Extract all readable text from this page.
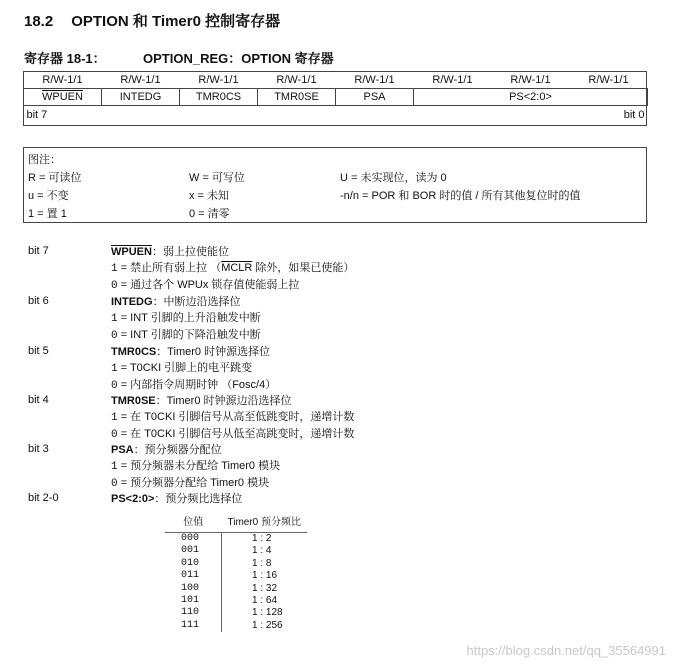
18.2 OPTION 和 Timer0 控制寄存器
寄存器 18-1：	OPTION_REG：OPTION 寄存器
R/W-1/1	R/W-1/1	R/W-1/1	R/W-1/1	R/W-1/1	R/W-1/1	R/W-1/1	R/W-1/1
WPUEN	INTEDG	TMR0CS	TMR0SE	PSA	PS<2:0>		
bit 7							bit 0
图注：
R = 可读位	W = 可写位	U = 未实现位，读为 0
u = 不变	x = 未知	-n/n = POR 和 BOR 时的值 / 所有其他复位时的值
1 = 置 1	0 = 清零
bit 7	WPUEN：弱上拉使能位
1 = 禁止所有弱上拉 （MCLR 除外，如果已使能）
0 = 通过各个 WPUx 锁存值使能弱上拉
bit 6	INTEDG：中断边沿选择位
1 = INT 引脚的上升沿触发中断
0 = INT 引脚的下降沿触发中断
bit 5	TMR0CS：Timer0 时钟源选择位
1 = T0CKI 引脚上的电平跳变
0 = 内部指令周期时钟 （Fosc/4）
bit 4	TMR0SE：Timer0 时钟源边沿选择位
1 = 在 T0CKI 引脚信号从高至低跳变时，递增计数
0 = 在 T0CKI 引脚信号从低至高跳变时，递增计数
bit 3	PSA：预分频器分配位
1 = 预分频器未分配给 Timer0 模块
0 = 预分频器分配给 Timer0 模块
bit 2-0	PS<2:0>：预分频比选择位
位值	Timer0 预分频比
000	1 : 2
001	1 : 4
010	1 : 8
011	1 : 16
100	1 : 32
101	1 : 64
110	1 : 128
111	1 : 256
https://blog.csdn.net/qq_35564991
